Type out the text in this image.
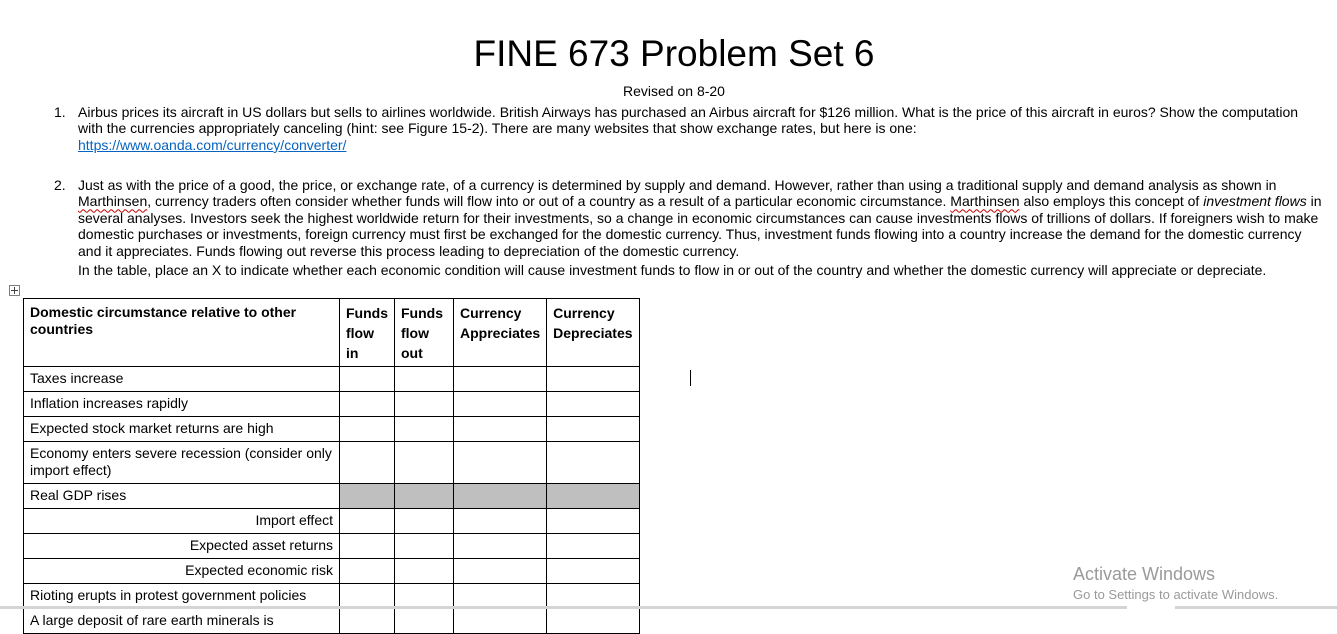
FINE 673 Problem Set 6
Revised on 8-20
1. Airbus prices its aircraft in US dollars but sells to airlines worldwide. British Airways has purchased an Airbus aircraft for $126 million. What is the price of this aircraft in euros? Show the computation with the currencies appropriately canceling (hint: see Figure 15-2). There are many websites that show exchange rates, but here is one:
https://www.oanda.com/currency/converter/

2. Just as with the price of a good, the price, or exchange rate, of a currency is determined by supply and demand. However, rather than using a traditional supply and demand analysis as shown in Marthinsen, currency traders often consider whether funds will flow into or out of a country as a result of a particular economic circumstance. Marthinsen also employs this concept of investment flows in several analyses. Investors seek the highest worldwide return for their investments, so a change in economic circumstances can cause investments flows of trillions of dollars. If foreigners wish to make domestic purchases or investments, foreign currency must first be exchanged for the domestic currency. Thus, investment funds flowing into a country increase the demand for the domestic currency and it appreciates. Funds flowing out reverse this process leading to depreciation of the domestic currency.

In the table, place an X to indicate whether each economic condition will cause investment funds to flow in or out of the country and whether the domestic currency will appreciate or depreciate.

Domestic circumstance relative to other countries	Funds flow in	Funds flow out	Currency Appreciates	Currency Depreciates
Taxes increase				
Inflation increases rapidly				
Expected stock market returns are high				
Economy enters severe recession (consider only import effect)				
Real GDP rises				
Import effect				
Expected asset returns				
Expected economic risk				
Rioting erupts in protest government policies				
A large deposit of rare earth minerals is				
Activate Windows
Go to Settings to activate Windows.
